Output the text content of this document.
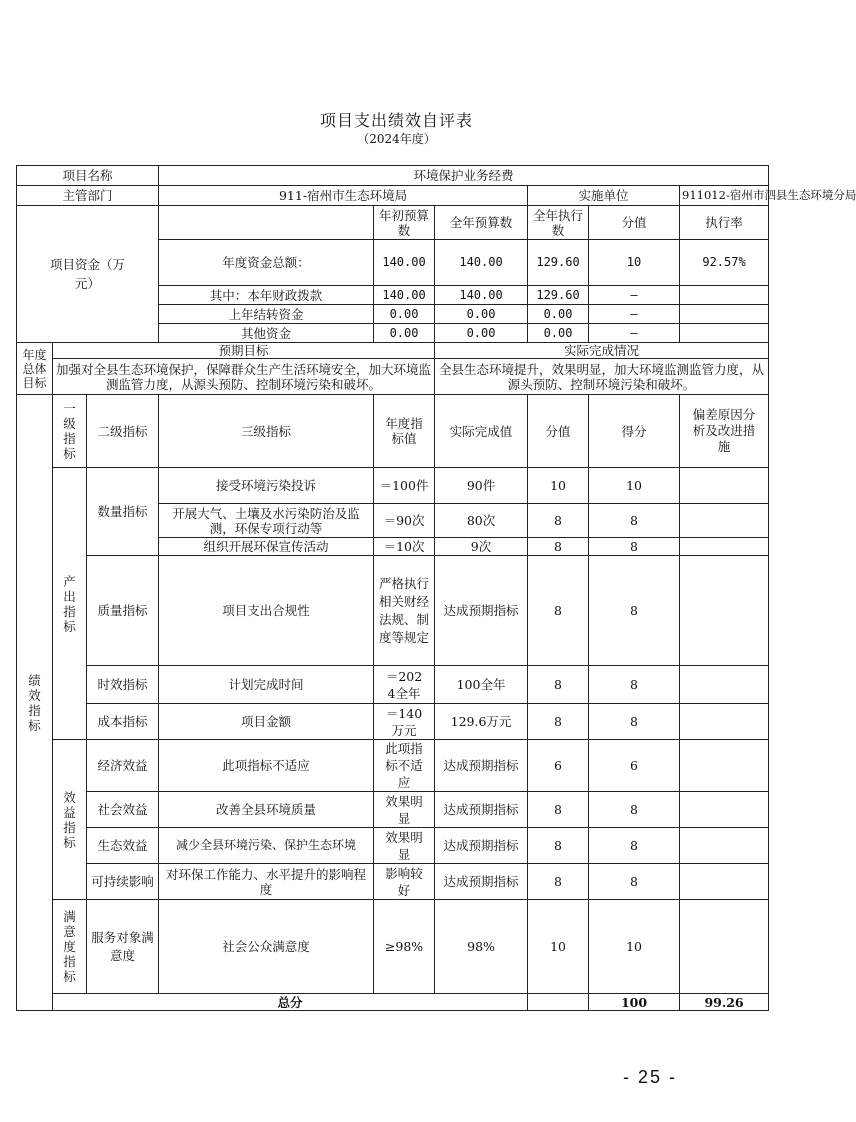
项目支出绩效自评表
（2024年度）
项目名称			环境保护业务经费						
主管部门			911-宿州市生态环境局			实施单位		911012-宿州市泗县生态环境分局	

项目资金（万元）				年初预算数	全年预算数	全年执行数	分值	执行率

			年度资金总额：	140.00	140.00	129.60	10	92.57%	
			其中：本年财政拨款	140.00	140.00	129.60	—		
			上年结转资金	0.00	0.00	0.00	—		
			其他资金	0.00	0.00	0.00	—		

年度总体目标	预期目标				实际完成情况				
	加强对全县生态环境保护，保障群众生产生活环境安全，加大环境监测监管力度，从源头预防、控制环境污染和破坏。				全县生态环境提升，效果明显，加大环境监测监管力度，从源头预防、控制环境污染和破坏。				

绩效指标	一级指标	二级指标	三级指标	年度指标值	实际完成值	分值	得分	偏差原因分析及改进措施	

	产出指标	数量指标	接受环境污染投诉	＝100件	90件	10	10		
			开展大气、土壤及水污染防治及监测，环保专项行动等	＝90次	80次	8	8		
			组织开展环保宣传活动	＝10次	9次	8	8		
		质量指标	项目支出合规性	严格执行相关财经法规、制度等规定	达成预期指标	8	8		
		时效指标	计划完成时间	＝2024全年	100全年	8	8		
		成本指标	项目金额	＝140万元	129.6万元	8	8		

	效益指标	经济效益	此项指标不适应	此项指标不适应	达成预期指标	6	6		
		社会效益	改善全县环境质量	效果明显	达成预期指标	8	8		
		生态效益	减少全县环境污染、保护生态环境	效果明显	达成预期指标	8	8		

		可持续影响	对环保工作能力、水平提升的影响程度	影响较好	达成预期指标	8	8		

	满意度指标	服务对象满意度	社会公众满意度	≥98%	98%	10	10		
	总分						100	99.26	
- 25 -
